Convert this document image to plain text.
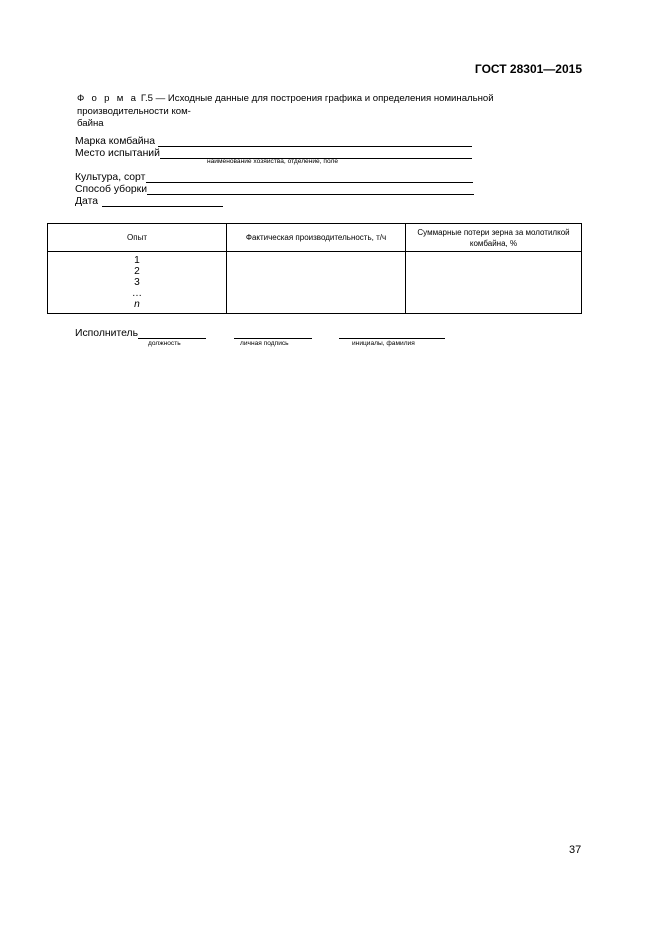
ГОСТ 28301—2015
Ф о р м а Г.5 — Исходные данные для построения графика и определения номинальной производительности ком-
байна
Марка комбайна
Место испытаний
наименование хозяйства, отделение, поле
Культура, сорт
Способ уборки
Дата
Опыт	Фактическая производительность, т/ч	Суммарные потери зерна за молотилкой комбайна, %

1
2
3
…
n		

Исполнитель
должность	личная подпись	инициалы, фамилия
37
